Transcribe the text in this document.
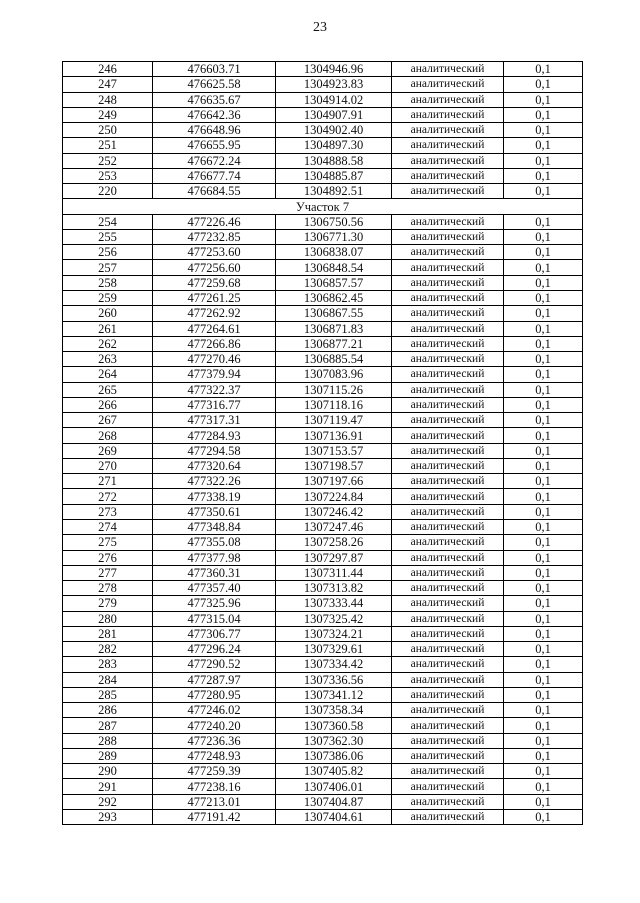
23
246	476603.71	1304946.96	аналитический	0,1
247	476625.58	1304923.83	аналитический	0,1
248	476635.67	1304914.02	аналитический	0,1
249	476642.36	1304907.91	аналитический	0,1
250	476648.96	1304902.40	аналитический	0,1
251	476655.95	1304897.30	аналитический	0,1
252	476672.24	1304888.58	аналитический	0,1
253	476677.74	1304885.87	аналитический	0,1
220	476684.55	1304892.51	аналитический	0,1
Участок 7				
254	477226.46	1306750.56	аналитический	0,1
255	477232.85	1306771.30	аналитический	0,1
256	477253.60	1306838.07	аналитический	0,1
257	477256.60	1306848.54	аналитический	0,1
258	477259.68	1306857.57	аналитический	0,1
259	477261.25	1306862.45	аналитический	0,1
260	477262.92	1306867.55	аналитический	0,1
261	477264.61	1306871.83	аналитический	0,1
262	477266.86	1306877.21	аналитический	0,1
263	477270.46	1306885.54	аналитический	0,1
264	477379.94	1307083.96	аналитический	0,1
265	477322.37	1307115.26	аналитический	0,1
266	477316.77	1307118.16	аналитический	0,1
267	477317.31	1307119.47	аналитический	0,1
268	477284.93	1307136.91	аналитический	0,1
269	477294.58	1307153.57	аналитический	0,1
270	477320.64	1307198.57	аналитический	0,1
271	477322.26	1307197.66	аналитический	0,1
272	477338.19	1307224.84	аналитический	0,1
273	477350.61	1307246.42	аналитический	0,1
274	477348.84	1307247.46	аналитический	0,1
275	477355.08	1307258.26	аналитический	0,1
276	477377.98	1307297.87	аналитический	0,1
277	477360.31	1307311.44	аналитический	0,1
278	477357.40	1307313.82	аналитический	0,1
279	477325.96	1307333.44	аналитический	0,1
280	477315.04	1307325.42	аналитический	0,1
281	477306.77	1307324.21	аналитический	0,1
282	477296.24	1307329.61	аналитический	0,1
283	477290.52	1307334.42	аналитический	0,1
284	477287.97	1307336.56	аналитический	0,1
285	477280.95	1307341.12	аналитический	0,1
286	477246.02	1307358.34	аналитический	0,1
287	477240.20	1307360.58	аналитический	0,1
288	477236.36	1307362.30	аналитический	0,1
289	477248.93	1307386.06	аналитический	0,1
290	477259.39	1307405.82	аналитический	0,1
291	477238.16	1307406.01	аналитический	0,1
292	477213.01	1307404.87	аналитический	0,1
293	477191.42	1307404.61	аналитический	0,1
